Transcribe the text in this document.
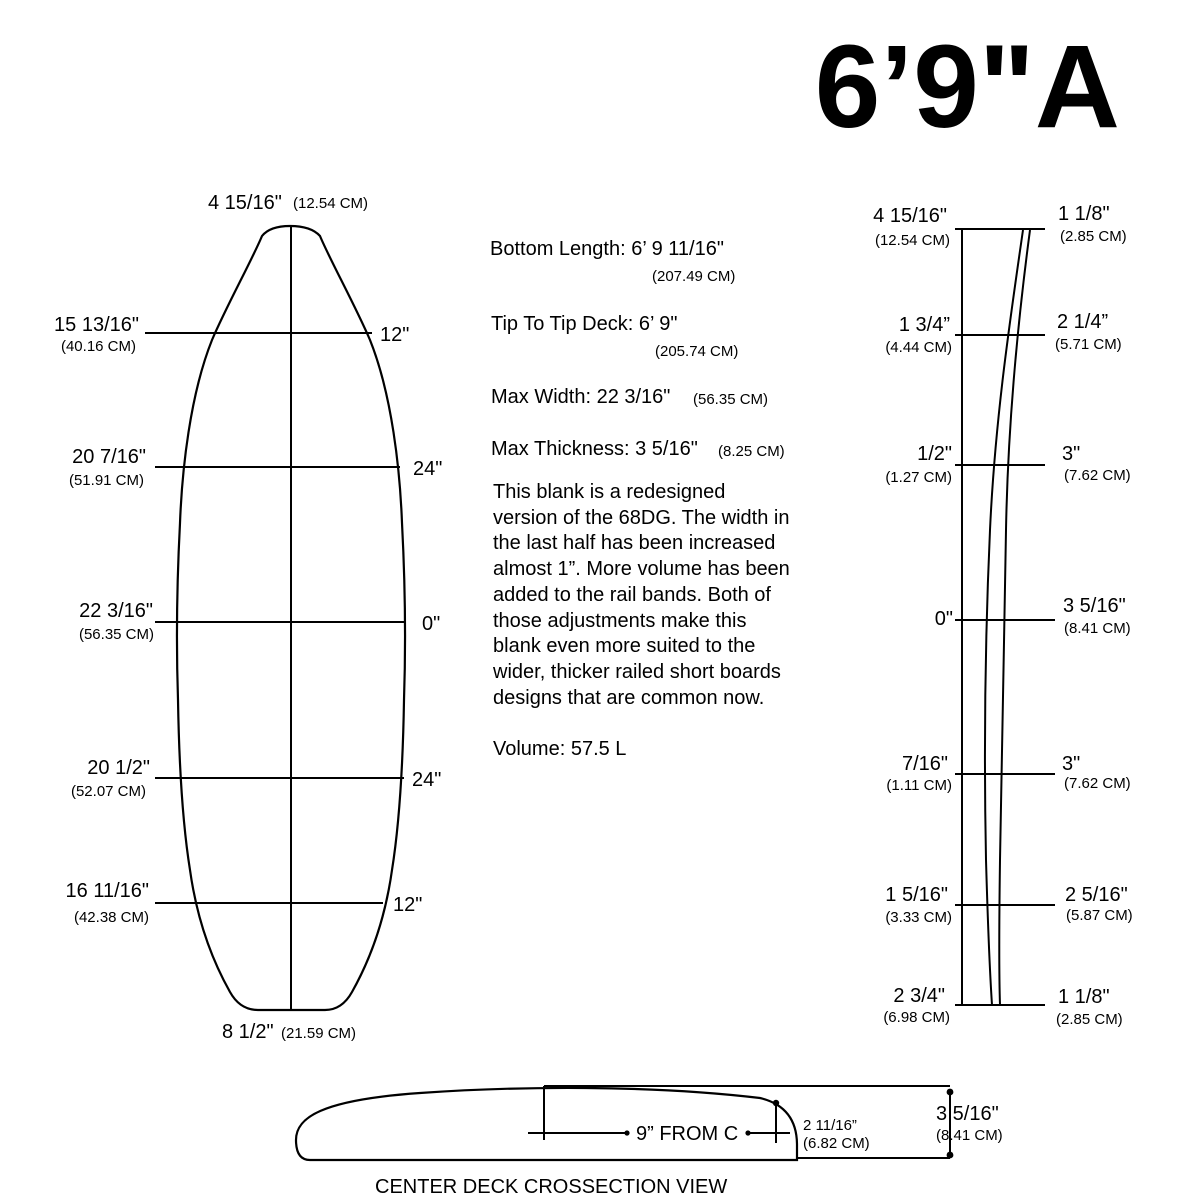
6’9"A
4 15/16" (12.54 CM)
15 13/16"
(40.16 CM)
12"
20 7/16"
(51.91 CM)
24"
22 3/16"
(56.35 CM)	0"
20 1/2"
(52.07 CM)
24"
16 11/16"
(42.38 CM)
12"
8 1/2" (21.59 CM)
Bottom Length: 6’ 9 11/16"
(207.49 CM)
Tip To Tip Deck: 6’ 9"
(205.74 CM)
Max Width: 22 3/16" (56.35 CM)
Max Thickness: 3 5/16" (8.25 CM)
This blank is a redesigned
version of the 68DG. The width in
the last half has been increased
almost 1”. More volume has been
added to the rail bands. Both of
those adjustments make this
blank even more suited to the
wider, thicker railed short boards
designs that are common now.
Volume: 57.5 L
4 15/16"
(12.54 CM)
1 1/8"
(2.85 CM)
1 3/4”
(4.44 CM)
2 1/4”
(5.71 CM)
1/2"
(1.27 CM)
3"
(7.62 CM)
0"
3 5/16"
(8.41 CM)
7/16"
(1.11 CM)
3"
(7.62 CM)
1 5/16"
(3.33 CM)
2 5/16"
(5.87 CM)
2 3/4"
(6.98 CM)
1 1/8"
(2.85 CM)
9” FROM C	2 11/16”
(6.82 CM)
3 5/16"
(8.41 CM)
CENTER DECK CROSSECTION VIEW
